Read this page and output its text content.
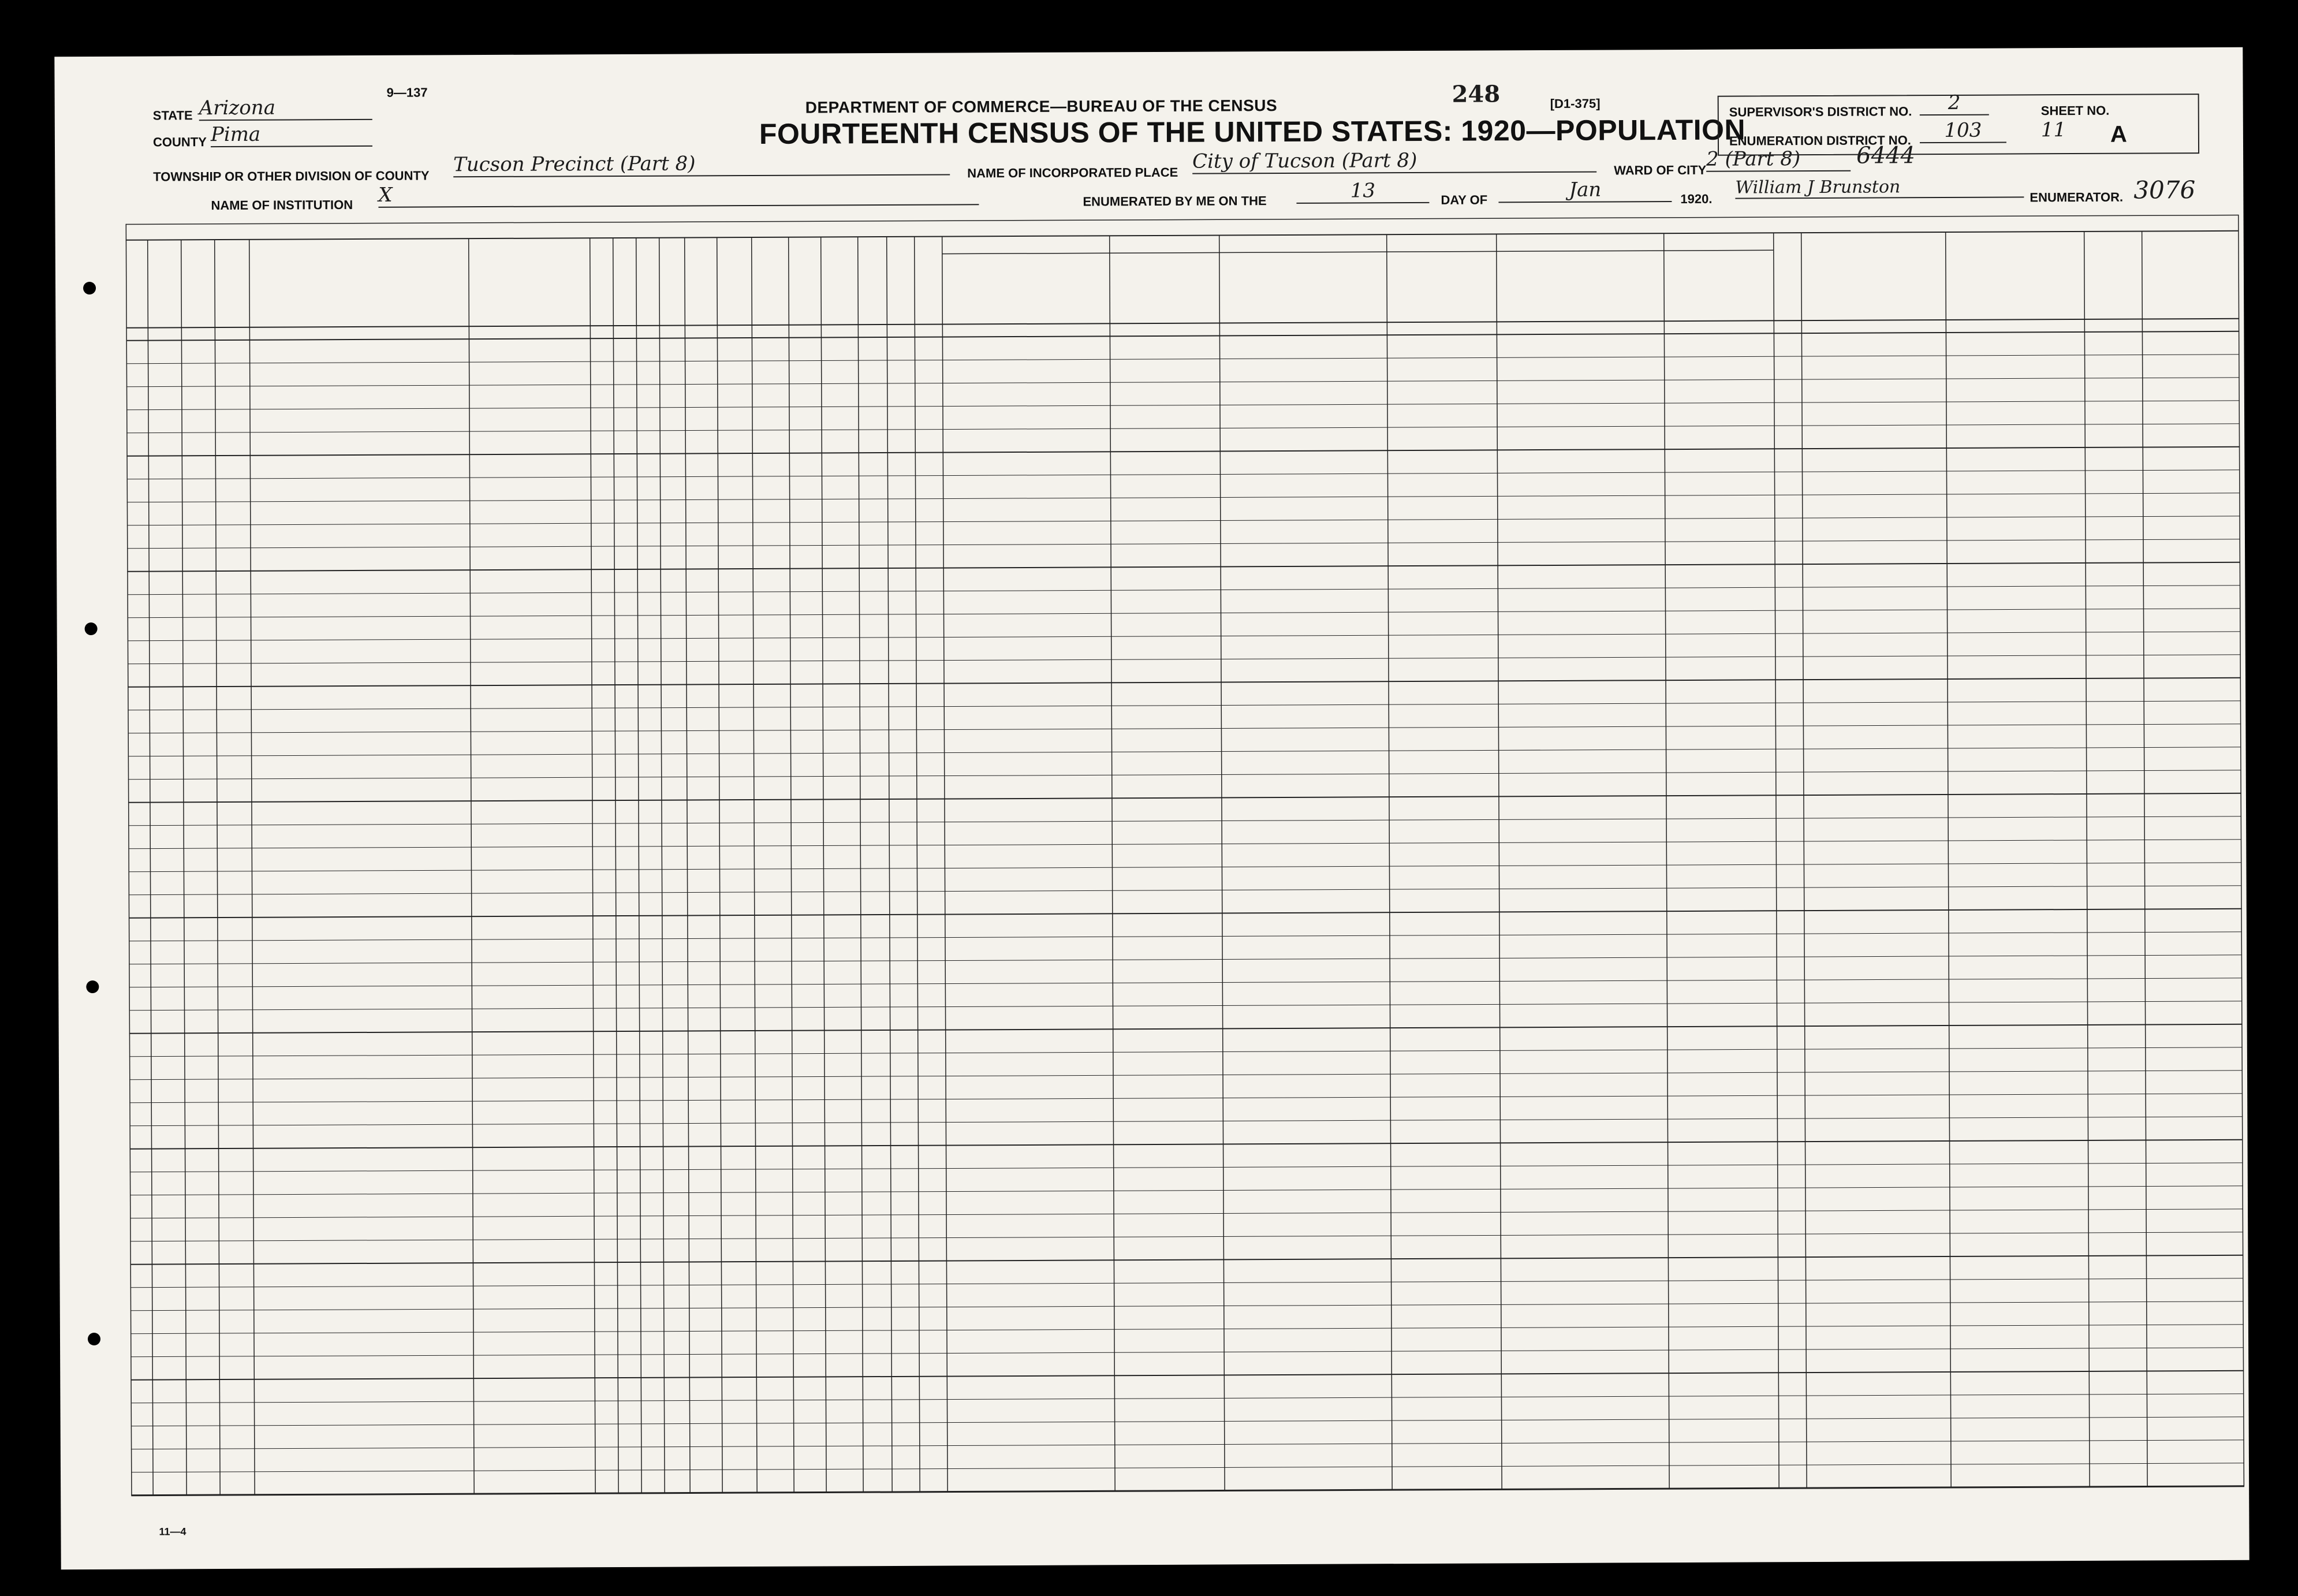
9—137
DEPARTMENT OF COMMERCE—BUREAU OF THE CENSUS	248	[D1-375]
FOURTEENTH CENSUS OF THE UNITED STATES: 1920—POPULATION
STATE Arizona
COUNTY Pima
TOWNSHIP OR OTHER DIVISION OF COUNTY Tucson Precinct (Part 8)	NAME OF INCORPORATED PLACE City of Tucson (Part 8)	WARD OF CITY 2 (Part 8)	6444
NAME OF INSTITUTION X	ENUMERATED BY ME ON THE	13	DAY OF	Jan	1920.
William J Brunston	ENUMERATOR. 3076
SUPERVISOR'S DISTRICT NO.	2
ENUMERATION DISTRICT NO.	103
SHEET NO.
11 A
11—4
